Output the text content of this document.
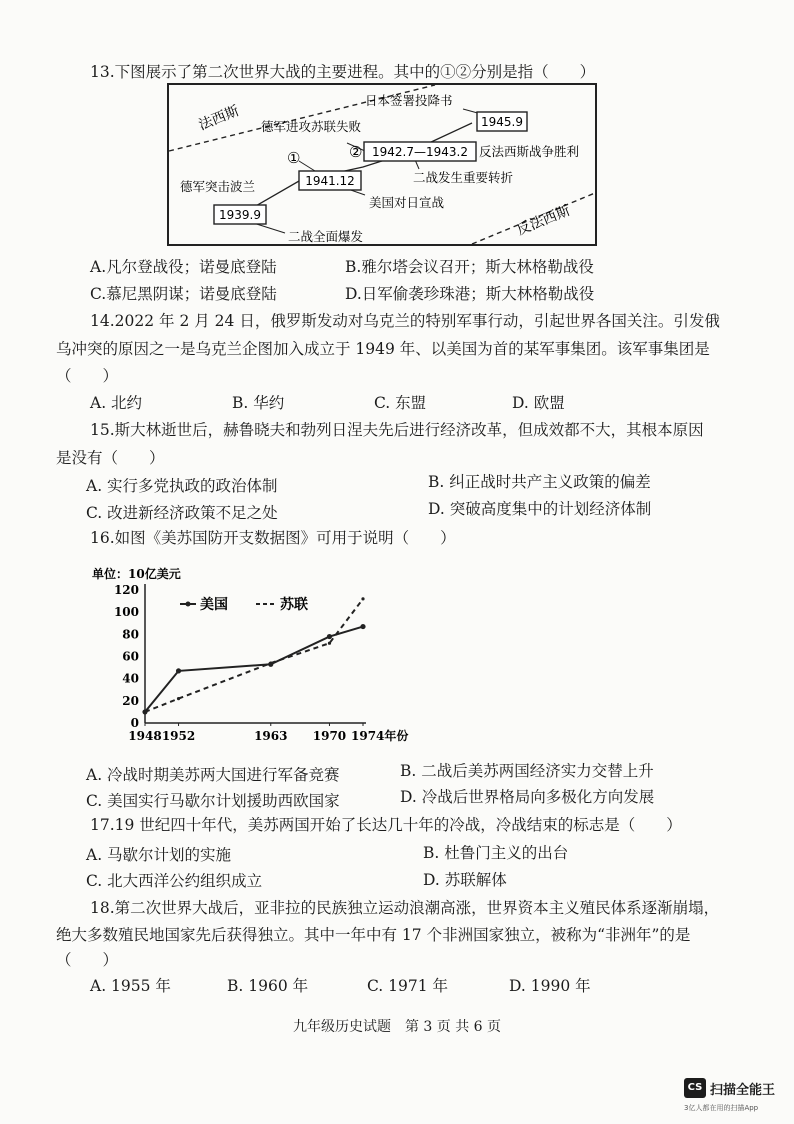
13.下图展示了第二次世界大战的主要进程。其中的①②分别是指（　　）
法西斯
反法西斯
1939.9
1941.12
1942.7—1943.2
1945.9
德军突击波兰
二战全面爆发
美国对日宣战
德军进攻苏联失败
二战发生重要转折
日本签署投降书
反法西斯战争胜利
①	②
A.凡尔登战役；诺曼底登陆	B.雅尔塔会议召开；斯大林格勒战役
C.慕尼黑阴谋；诺曼底登陆	D.日军偷袭珍珠港；斯大林格勒战役
14.2022 年 2 月 24 日，俄罗斯发动对乌克兰的特别军事行动，引起世界各国关注。引发俄
乌冲突的原因之一是乌克兰企图加入成立于 1949 年、以美国为首的某军事集团。该军事集团是
（　　）
A. 北约	B. 华约	C. 东盟	D. 欧盟
15.斯大林逝世后，赫鲁晓夫和勃列日涅夫先后进行经济改革，但成效都不大，其根本原因
是没有（　　）
A. 实行多党执政的政治体制	B. 纠正战时共产主义政策的偏差
C. 改进新经济政策不足之处	D. 突破高度集中的计划经济体制
16.如图《美苏国防开支数据图》可用于说明（　　）
单位：10亿美元
美国	苏联
0
20
40
60
80
100
120
1948 1952	1963 1970 1974年份
A. 冷战时期美苏两大国进行军备竞赛	B. 二战后美苏两国经济实力交替上升
C. 美国实行马歇尔计划援助西欧国家	D. 冷战后世界格局向多极化方向发展
17.19 世纪四十年代，美苏两国开始了长达几十年的冷战，冷战结束的标志是（　　）
A. 马歇尔计划的实施	B. 杜鲁门主义的出台
C. 北大西洋公约组织成立	D. 苏联解体
18.第二次世界大战后，亚非拉的民族独立运动浪潮高涨，世界资本主义殖民体系逐渐崩塌，
绝大多数殖民地国家先后获得独立。其中一年中有 17 个非洲国家独立，被称为“非洲年”的是
（　　）
A. 1955 年	B. 1960 年	C. 1971 年	D. 1990 年
九年级历史试题　第 3 页 共 6 页
CS 扫描全能王
3亿人都在用的扫描App
